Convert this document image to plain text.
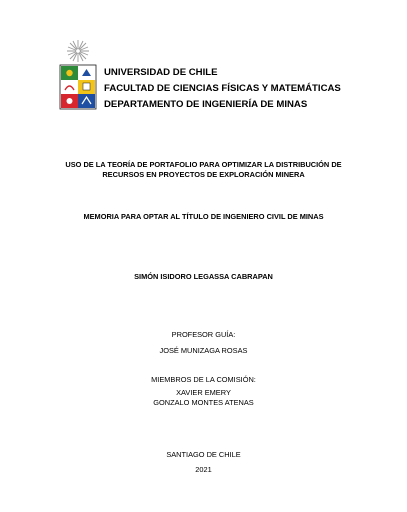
UNIVERSIDAD DE CHILE
FACULTAD DE CIENCIAS FÍSICAS Y MATEMÁTICAS
DEPARTAMENTO DE INGENIERÍA DE MINAS
USO DE LA TEORÍA DE PORTAFOLIO PARA OPTIMIZAR LA DISTRIBUCIÓN DE
RECURSOS EN PROYECTOS DE EXPLORACIÓN MINERA
MEMORIA PARA OPTAR AL TÍTULO DE INGENIERO CIVIL DE MINAS
SIMÓN ISIDORO LEGASSA CABRAPAN
PROFESOR GUÍA:
JOSÉ MUNIZAGA ROSAS
MIEMBROS DE LA COMISIÓN:
XAVIER EMERY
GONZALO MONTES ATENAS
SANTIAGO DE CHILE
2021
